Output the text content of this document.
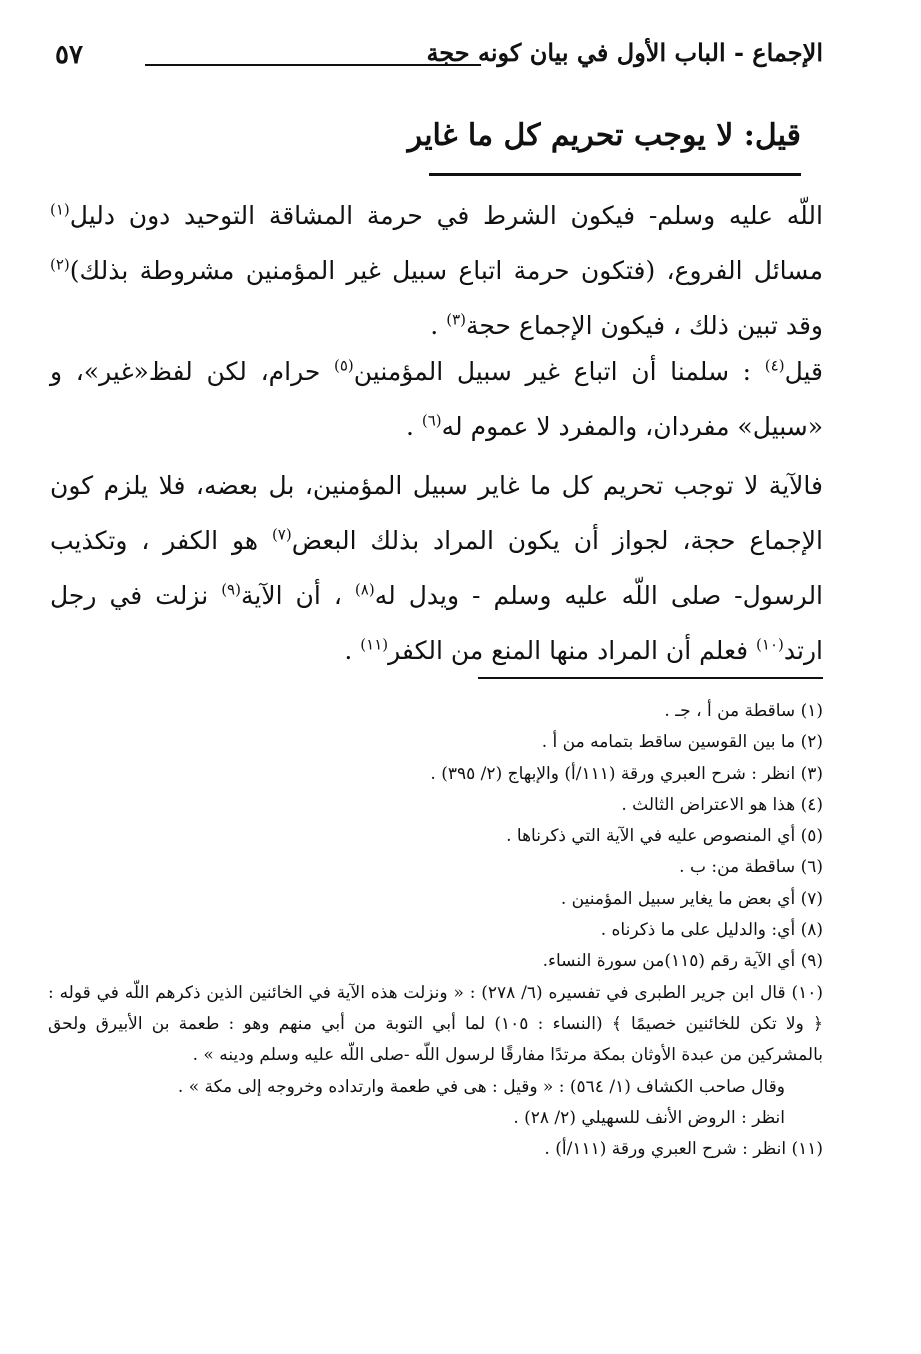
الإجماع - الباب الأول في بيان كونه حجة
٥٧
قيل: لا يوجب تحريم كل ما غاير
اللّه عليه وسلم- فيكون الشرط في حرمة المشاقة التوحيد دون دليل$^{(١)}$ مسائل الفروع، (فتكون حرمة اتباع سبيل غير المؤمنين مشروطة بذلك)$^{(٢)}$ وقد تبين ذلك ، فيكون الإجماع حجة$^{(٣)}$ .
قيل$^{(٤)}$ : سلمنا أن اتباع غير سبيل المؤمنين$^{(٥)}$ حرام، لكن لفظ«غير»، و «سبيل» مفردان، والمفرد لا عموم له$^{(٦)}$ .
فالآية لا توجب تحريم كل ما غاير سبيل المؤمنين، بل بعضه، فلا يلزم كون الإجماع حجة، لجواز أن يكون المراد بذلك البعض$^{(٧)}$ هو الكفر ، وتكذيب الرسول- صلى اللّه عليه وسلم - ويدل له$^{(٨)}$ ، أن الآية$^{(٩)}$ نزلت في رجل ارتد$^{(١٠)}$ فعلم أن المراد منها المنع من الكفر$^{(١١)}$ .
(١) ساقطة من أ ، جـ .
(٢) ما بين القوسين ساقط بتمامه من أ .
(٣) انظر : شرح العبري ورقة (١١١/أ) والإبهاج (٢/ ٣٩٥) .
(٤) هذا هو الاعتراض الثالث .
(٥) أي المنصوص عليه في الآية التي ذكرناها .
(٦) ساقطة من: ب .
(٧) أي بعض ما يغاير سبيل المؤمنين .
(٨) أي: والدليل على ما ذكرناه .
(٩) أي الآية رقم (١١٥)من سورة النساء.
(١٠) قال ابن جرير الطبرى في تفسيره (٦/ ٢٧٨) : « ونزلت هذه الآية في الخائنين الذين ذكرهم اللّه في قوله : ﴿ ولا تكن للخائنين خصيمًا ﴾ (النساء : ١٠٥) لما أبي التوبة من أبي منهم وهو : طعمة بن الأبيرق ولحق بالمشركين من عبدة الأوثان بمكة مرتدًا مفارقًا لرسول اللّه -صلى اللّه عليه وسلم ودينه » .
وقال صاحب الكشاف (١/ ٥٦٤) : « وقيل : هى في طعمة وارتداده وخروجه إلى مكة » .
انظر : الروض الأنف للسهيلي (٢/ ٢٨) .
(١١) انظر : شرح العبري ورقة (١١١/أ) .
